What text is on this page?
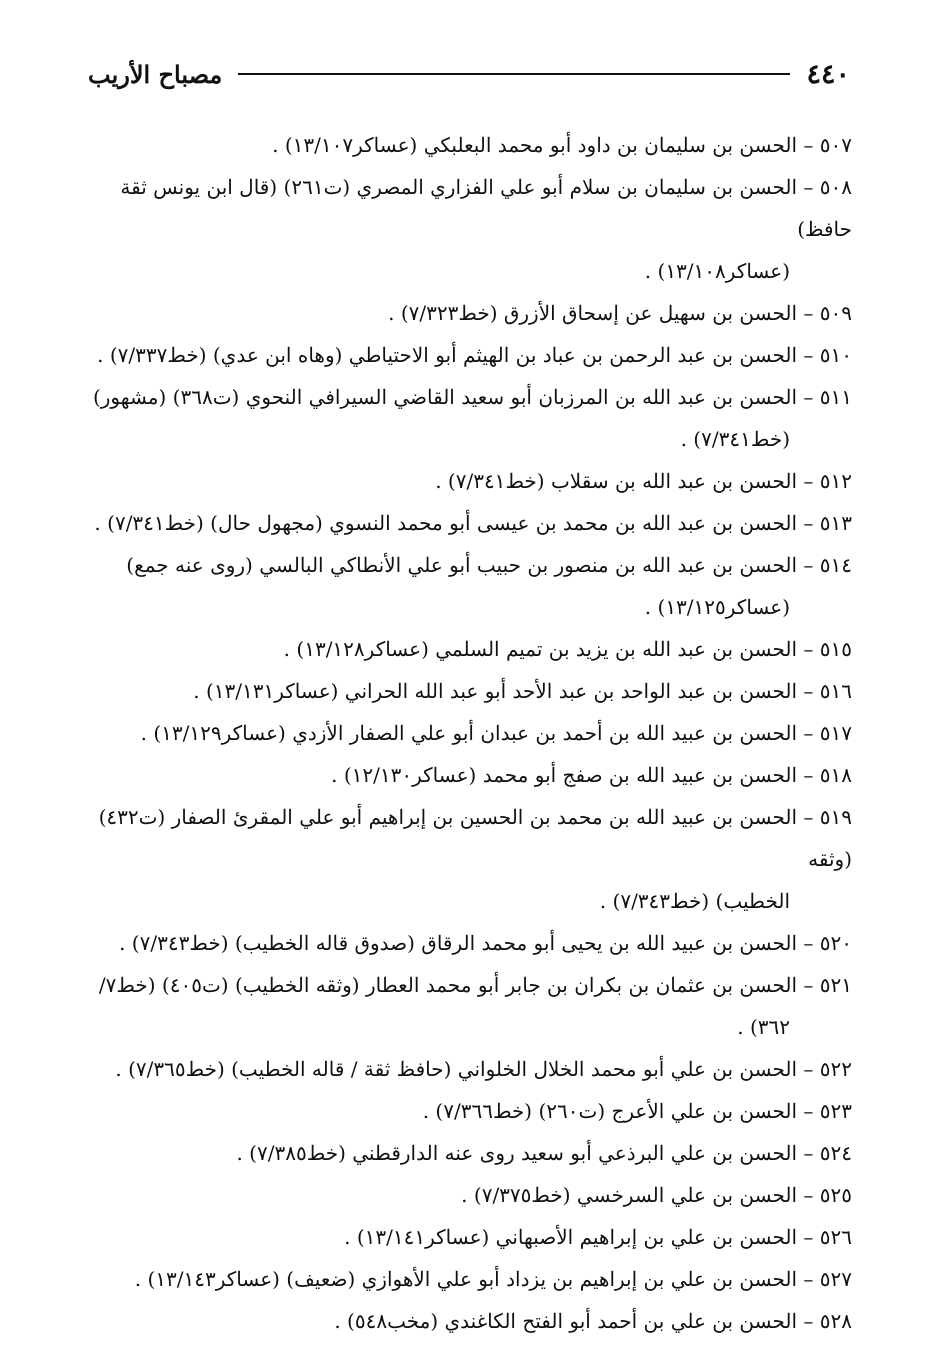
٤٤٠
مصباح الأريب
٥٠٧ – الحسن بن سليمان بن داود أبو محمد البعلبكي (عساكر١٣/١٠٧) .
٥٠٨ – الحسن بن سليمان بن سلام أبو علي الفزاري المصري (ت٢٦١) (قال ابن يونس ثقة حافظ)
(عساكر١٣/١٠٨) .
٥٠٩ – الحسن بن سهيل عن إسحاق الأزرق (خط٧/٣٢٣) .
٥١٠ – الحسن بن عبد الرحمن بن عباد بن الهيثم أبو الاحتياطي (وهاه ابن عدي) (خط٧/٣٣٧) .
٥١١ – الحسن بن عبد الله بن المرزبان أبو سعيد القاضي السيرافي النحوي (ت٣٦٨) (مشهور)
(خط٧/٣٤١) .
٥١٢ – الحسن بن عبد الله بن سقلاب (خط٧/٣٤١) .
٥١٣ – الحسن بن عبد الله بن محمد بن عيسى أبو محمد النسوي (مجهول حال) (خط٧/٣٤١) .
٥١٤ – الحسن بن عبد الله بن منصور بن حبيب أبو علي الأنطاكي البالسي (روى عنه جمع)
(عساكر١٣/١٢٥) .
٥١٥ – الحسن بن عبد الله بن يزيد بن تميم السلمي (عساكر١٣/١٢٨) .
٥١٦ – الحسن بن عبد الواحد بن عبد الأحد أبو عبد الله الحراني (عساكر١٣/١٣١) .
٥١٧ – الحسن بن عبيد الله بن أحمد بن عبدان أبو علي الصفار الأزدي (عساكر١٣/١٢٩) .
٥١٨ – الحسن بن عبيد الله بن صفج أبو محمد (عساكر١٢/١٣٠) .
٥١٩ – الحسن بن عبيد الله بن محمد بن الحسين بن إبراهيم أبو علي المقرئ الصفار (ت٤٣٢) (وثقه
الخطيب) (خط٧/٣٤٣) .
٥٢٠ – الحسن بن عبيد الله بن يحيى أبو محمد الرقاق (صدوق قاله الخطيب) (خط٧/٣٤٣) .
٥٢١ – الحسن بن عثمان بن بكران بن جابر أبو محمد العطار (وثقه الخطيب) (ت٤٠٥) (خط٧/
٣٦٢) .
٥٢٢ – الحسن بن علي أبو محمد الخلال الخلواني (حافظ ثقة / قاله الخطيب) (خط٧/٣٦٥) .
٥٢٣ – الحسن بن علي الأعرج (ت٢٦٠) (خط٧/٣٦٦) .
٥٢٤ – الحسن بن علي البرذعي أبو سعيد روى عنه الدارقطني (خط٧/٣٨٥) .
٥٢٥ – الحسن بن علي السرخسي (خط٧/٣٧٥) .
٥٢٦ – الحسن بن علي بن إبراهيم الأصبهاني (عساكر١٣/١٤١) .
٥٢٧ – الحسن بن علي بن إبراهيم بن يزداد أبو علي الأهوازي (ضعيف) (عساكر١٣/١٤٣) .
٥٢٨ – الحسن بن علي بن أحمد أبو الفتح الكاغندي (مخب٥٤٨) .
